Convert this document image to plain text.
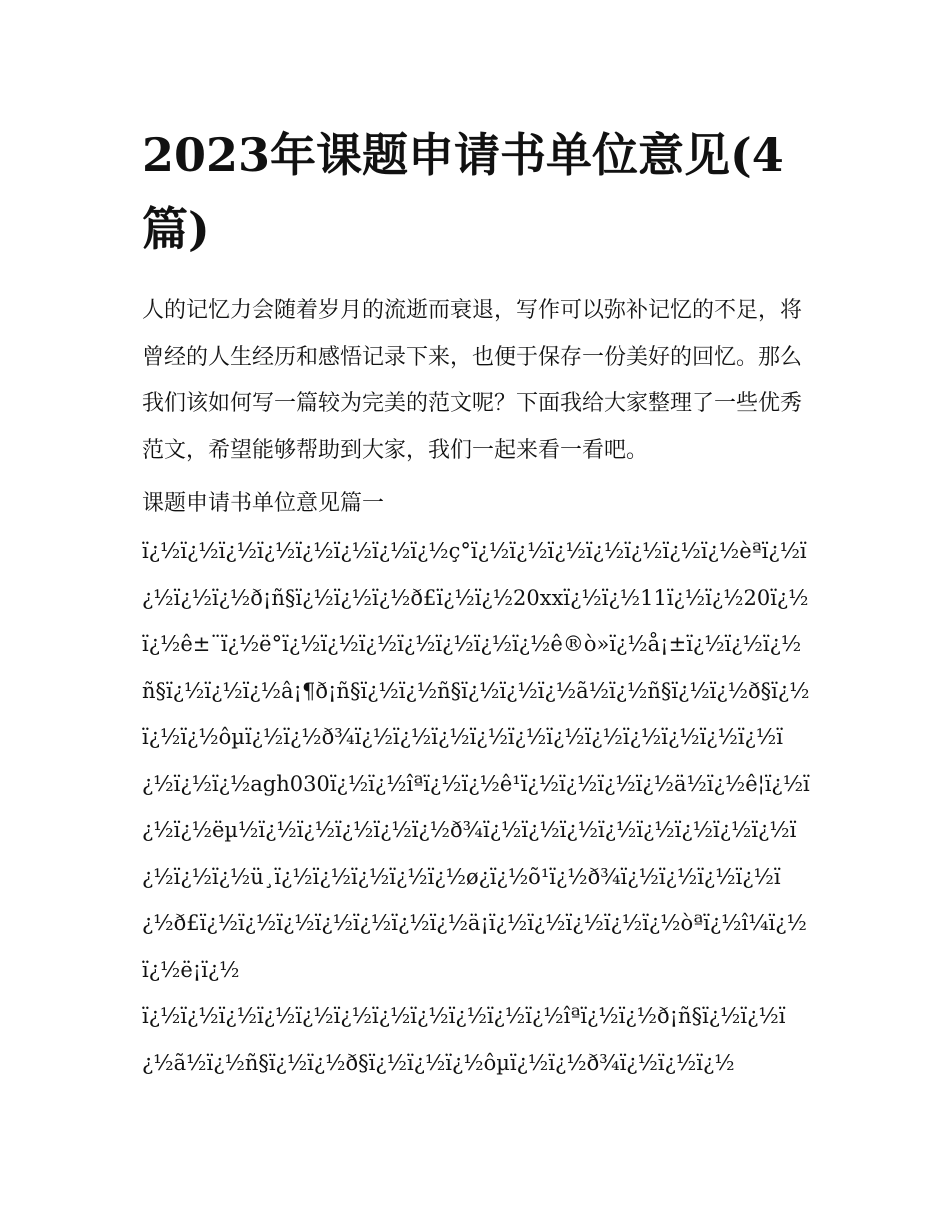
2023年课题申请书单位意见(4篇)

人的记忆力会随着岁月的流逝而衰退，写作可以弥补记忆的不足，将曾经的人生经历和感悟记录下来，也便于保存一份美好的回忆。那么我们该如何写一篇较为完美的范文呢？下面我给大家整理了一些优秀范文，希望能够帮助到大家，我们一起来看一看吧。

课题申请书单位意见篇一

ï¿½ï¿½ï¿½ï¿½ï¿½ï¿½ï¿½ï¿½ç°ï¿½ï¿½ï¿½ï¿½ï¿½ï¿½ï¿½èªï¿½ï¿½ï¿½ï¿½ð¡ñ§ï¿½ï¿½ï¿½ð£ï¿½ï¿½20xxï¿½ï¿½11ï¿½ï¿½20ï¿½ï¿½ê±¨ï¿½ë°ï¿½ï¿½ï¿½ï¿½ï¿½ï¿½ï¿½ê®ò»ï¿½å¡±ï¿½ï¿½ï¿½ñ§ï¿½ï¿½ï¿½â¡¶ð¡ñ§ï¿½ï¿½ñ§ï¿½ï¿½ï¿½ã½ï¿½ñ§ï¿½ï¿½ð§ï¿½ï¿½ï¿½ôµï¿½ï¿½ð¾ï¿½ï¿½ï¿½ï¿½ï¿½ï¿½ï¿½ï¿½ï¿½ï¿½ï¿½ï¿½ï¿½ï¿½agh030ï¿½ï¿½îªï¿½ï¿½ê¹ï¿½ï¿½ï¿½ï¿½ä½ï¿½ê¦ï¿½ï¿½ï¿½ëµ½ï¿½ï¿½ï¿½ï¿½ï¿½ð¾ï¿½ï¿½ï¿½ï¿½ï¿½ï¿½ï¿½ï¿½ï¿½ï¿½ï¿½ü¸ï¿½ï¿½ï¿½ï¿½ï¿½ø¿ï¿½õ¹ï¿½ð¾ï¿½ï¿½ï¿½ï¿½ï¿½ð£ï¿½ï¿½ï¿½ï¿½ï¿½ï¿½ï¿½ä¡ï¿½ï¿½ï¿½ï¿½ï¿½òªï¿½î¼ï¿½ï¿½ë¡ï¿½

ï¿½ï¿½ï¿½ï¿½ï¿½ï¿½ï¿½ï¿½ï¿½ï¿½ï¿½îªï¿½ï¿½ð¡ñ§ï¿½ï¿½ï¿½ã½ï¿½ñ§ï¿½ï¿½ð§ï¿½ï¿½ï¿½ôµï¿½ï¿½ð¾ï¿½ï¿½ï¿½
